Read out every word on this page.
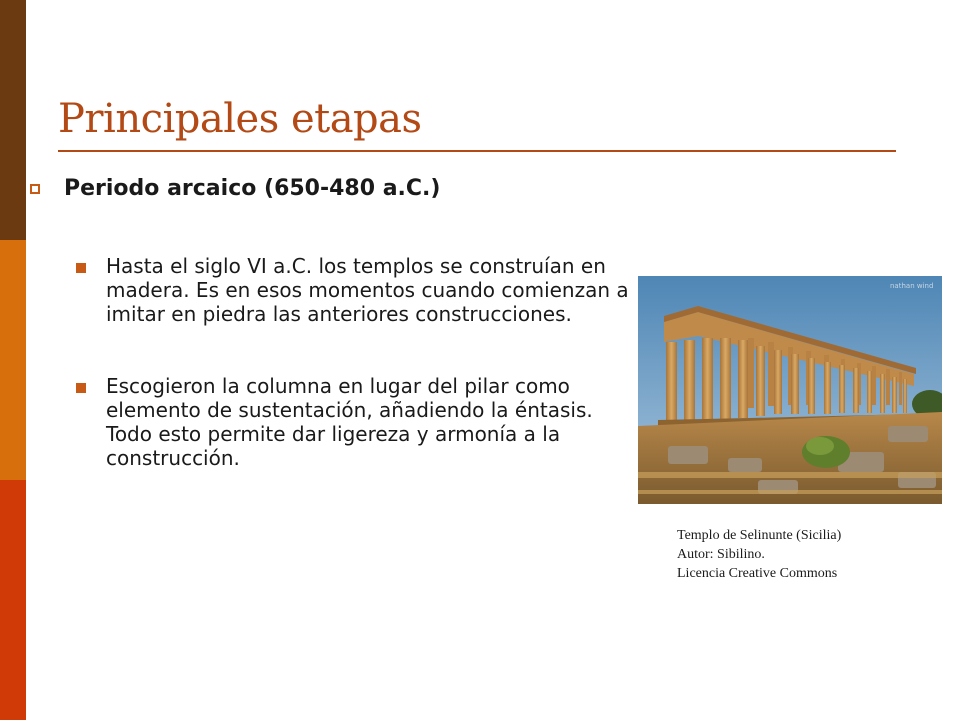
Principales etapas
Periodo arcaico (650-480 a.C.)
Hasta el siglo VI a.C. los templos se construían en madera. Es en esos momentos cuando comienzan a imitar en piedra las anteriores construcciones.
Escogieron la columna en lugar del pilar como elemento de sustentación, añadiendo la éntasis. Todo esto permite dar ligereza y armonía a la construcción.
nathan wind
Templo de Selinunte (Sicilia)
Autor: Sibilino.
Licencia Creative Commons
